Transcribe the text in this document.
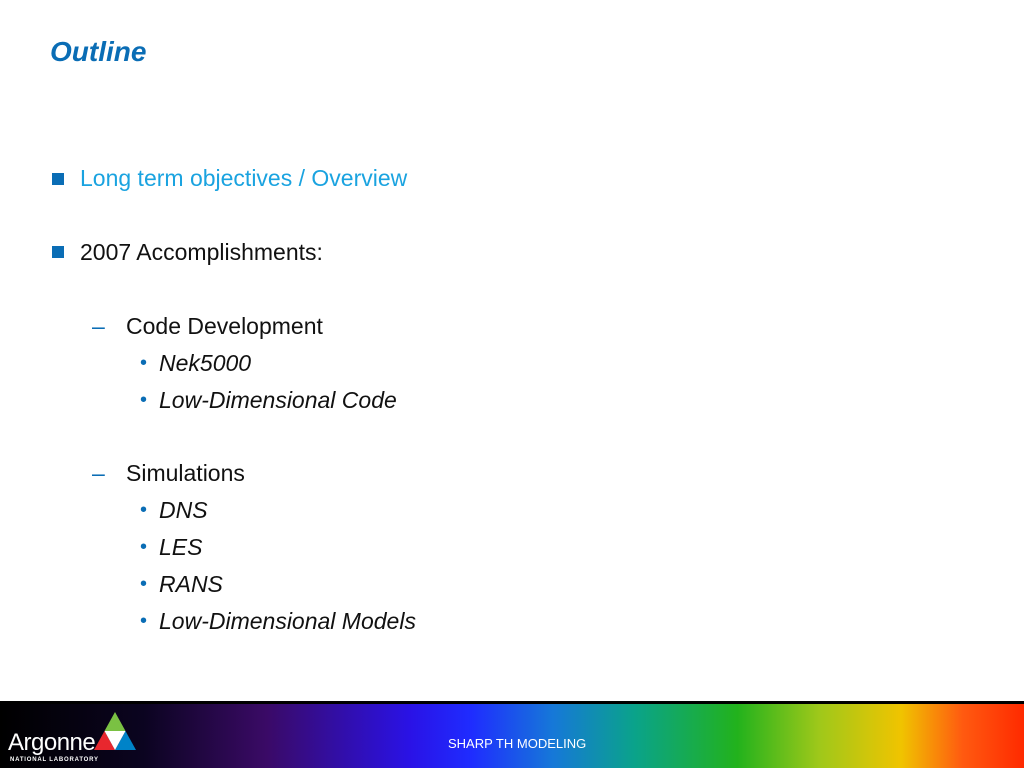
Outline
Long term objectives / Overview
2007 Accomplishments:
– Code Development
• Nek5000
• Low-Dimensional Code
– Simulations
• DNS
• LES
• RANS
• Low-Dimensional Models
Argonne
NATIONAL LABORATORY
SHARP TH MODELING
